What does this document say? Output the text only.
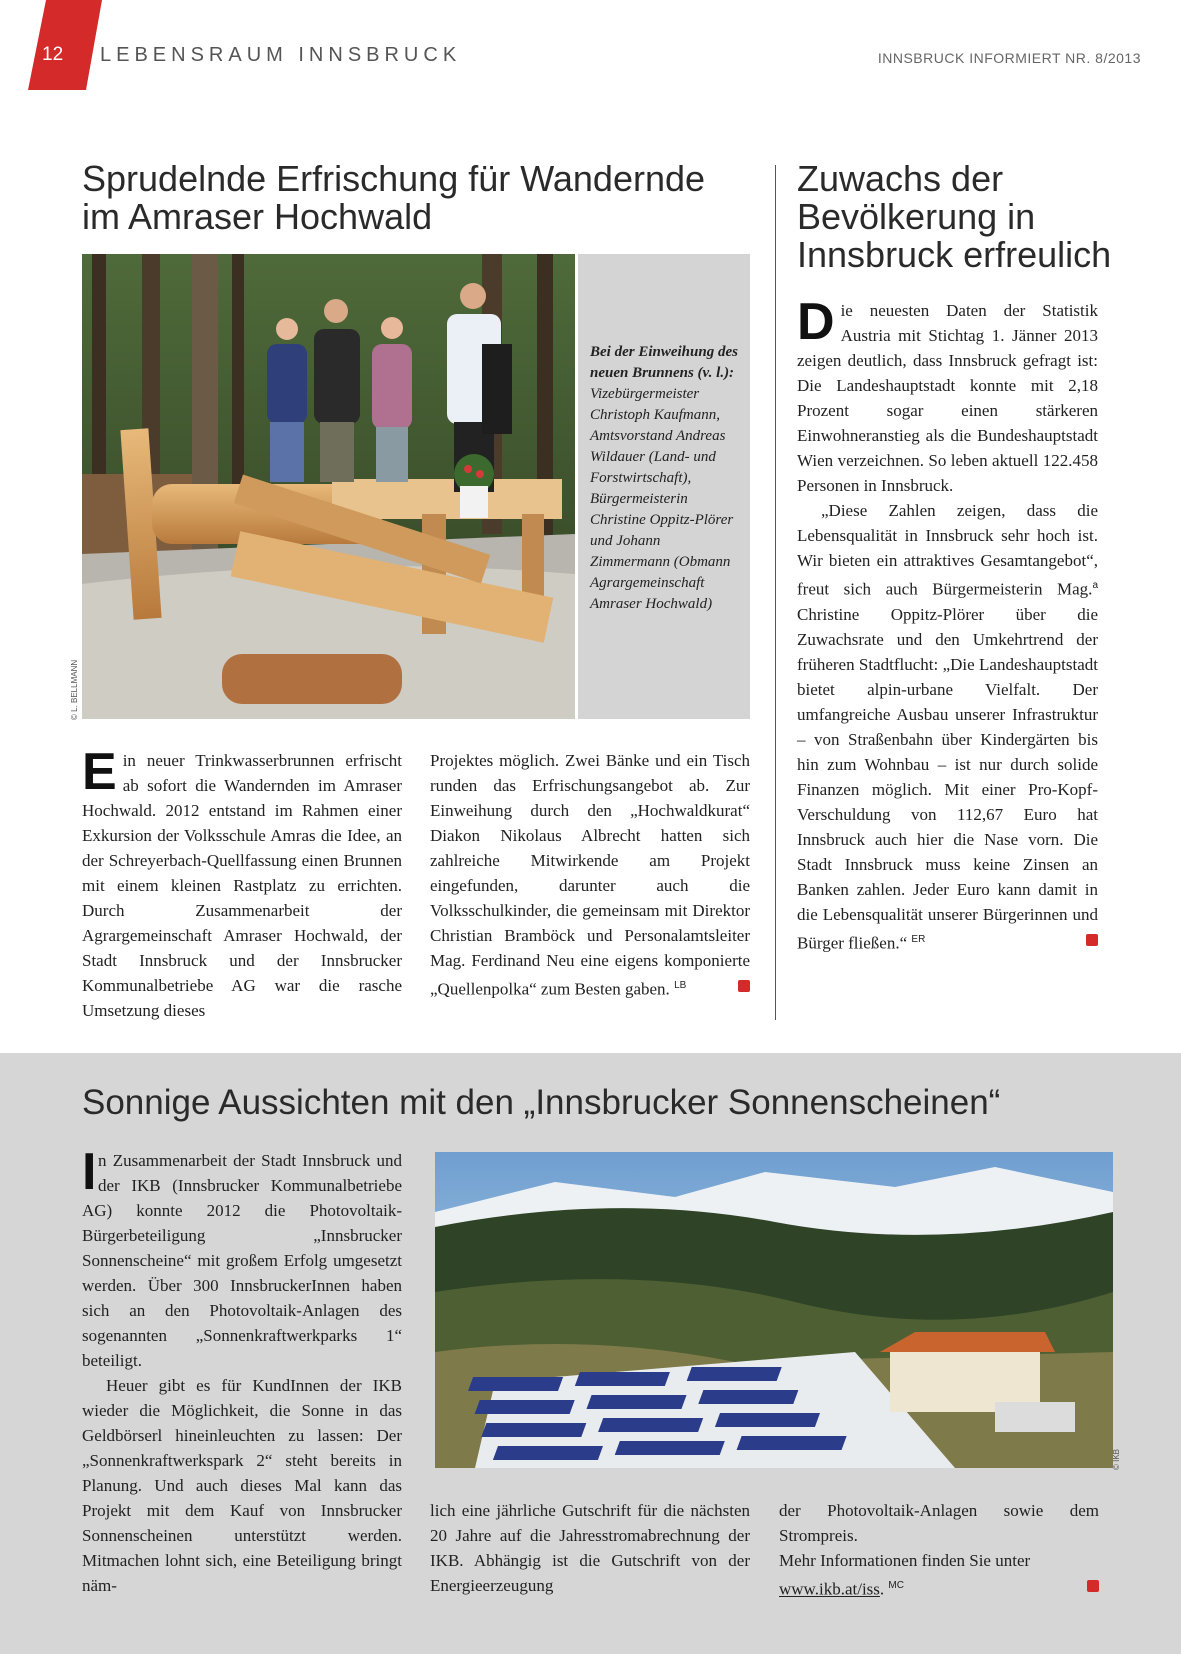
12	LEBENSRAUM INNSBRUCK	INNSBRUCK INFORMIERT NR. 8/2013
Sprudelnde Erfrischung für Wandernde im Amraser Hochwald
Bei der Einweihung des neuen Brunnens (v. l.): Vizebürgermeister Christoph Kaufmann, Amtsvorstand Andreas Wildauer (Land- und Forstwirtschaft), Bürgermeisterin Christine Oppitz-Plörer und Johann Zimmermann (Obmann Agrargemeinschaft Amraser Hochwald)
© L. BELLMANN

Ein neuer Trinkwasserbrunnen erfrischt ab sofort die Wandernden im Amraser Hochwald. 2012 entstand im Rahmen einer Exkursion der Volksschule Amras die Idee, an der Schreyerbach-Quellfassung einen Brunnen mit einem kleinen Rastplatz zu errichten. Durch Zusammenarbeit der Agrargemeinschaft Amraser Hochwald, der Stadt Innsbruck und der Innsbrucker Kommunalbetriebe AG war die rasche Umsetzung dieses

Projektes möglich. Zwei Bänke und ein Tisch runden das Erfrischungsangebot ab. Zur Einweihung durch den „Hochwaldkurat“ Diakon Nikolaus Albrecht hatten sich zahlreiche Mitwirkende am Projekt eingefunden, darunter auch die Volksschulkinder, die gemeinsam mit Direktor Christian Bramböck und Personalamtsleiter Mag. Ferdinand Neu eine eigens komponierte „Quellenpolka“ zum Besten gaben. $^{LB}$

Zuwachs der Bevölkerung in Innsbruck erfreulich

Die neuesten Daten der Statistik Austria mit Stichtag 1. Jänner 2013 zeigen deutlich, dass Innsbruck gefragt ist: Die Landeshauptstadt konnte mit 2,18 Prozent sogar einen stärkeren Einwohneranstieg als die Bundeshauptstadt Wien verzeichnen. So leben aktuell 122.458 Personen in Innsbruck.

„Diese Zahlen zeigen, dass die Lebensqualität in Innsbruck sehr hoch ist. Wir bieten ein attraktives Gesamtangebot“, freut sich auch Bürgermeisterin Mag.$^a$ Christine Oppitz-Plörer über die Zuwachsrate und den Umkehrtrend der früheren Stadtflucht: „Die Landeshauptstadt bietet alpin-urbane Vielfalt. Der umfangreiche Ausbau unserer Infrastruktur – von Straßenbahn über Kindergärten bis hin zum Wohnbau – ist nur durch solide Finanzen möglich. Mit einer Pro-Kopf-Verschuldung von 112,67 Euro hat Innsbruck auch hier die Nase vorn. Die Stadt Innsbruck muss keine Zinsen an Banken zahlen. Jeder Euro kann damit in die Lebensqualität unserer Bürgerinnen und Bürger fließen.“ $^{ER}$

Sonnige Aussichten mit den „Innsbrucker Sonnenscheinen“
© IKB

In Zusammenarbeit der Stadt Innsbruck und der IKB (Innsbrucker Kommunalbetriebe AG) konnte 2012 die Photovoltaik-Bürgerbeteiligung „Innsbrucker Sonnenscheine“ mit großem Erfolg umgesetzt werden. Über 300 InnsbruckerInnen haben sich an den Photovoltaik-Anlagen des sogenannten „Sonnenkraftwerkparks 1“ beteiligt.

Heuer gibt es für KundInnen der IKB wieder die Möglichkeit, die Sonne in das Geldbörserl hineinleuchten zu lassen: Der „Sonnenkraftwerkspark 2“ steht bereits in Planung. Und auch dieses Mal kann das Projekt mit dem Kauf von Innsbrucker Sonnenscheinen unterstützt werden. Mitmachen lohnt sich, eine Beteiligung bringt näm-

lich eine jährliche Gutschrift für die nächsten 20 Jahre auf die Jahresstromabrechnung der IKB. Abhängig ist die Gutschrift von der Energieerzeugung

der Photovoltaik-Anlagen sowie dem Strompreis.

Mehr Informationen finden Sie unter

www.ikb.at/iss. $^{MC}$
